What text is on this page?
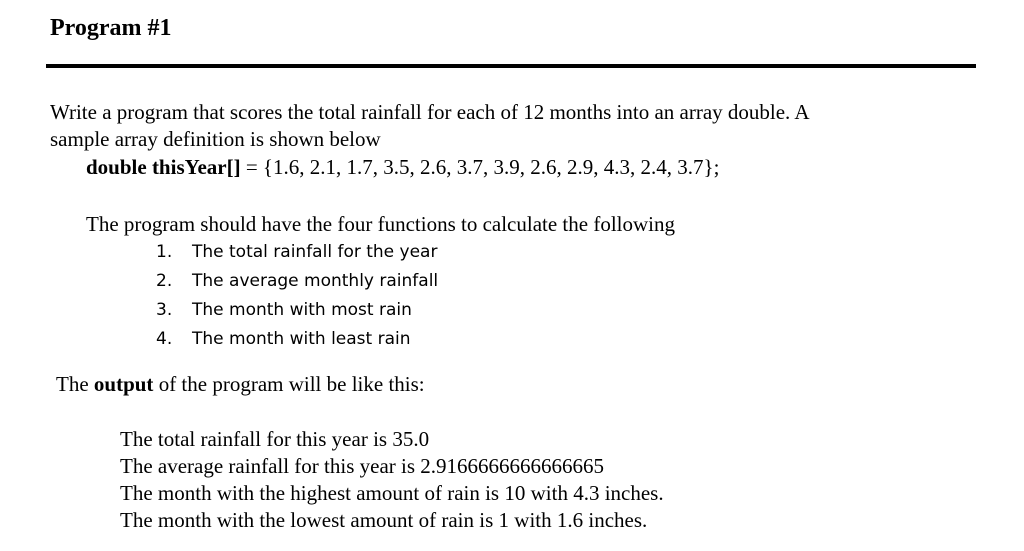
Program #1

Write a program that scores the total rainfall for each of 12 months into an array double. A

sample array definition is shown below

double thisYear[] = {1.6, 2.1, 1.7, 3.5, 2.6, 3.7, 3.9, 2.6, 2.9, 4.3, 2.4, 3.7};
The program should have the four functions to calculate the following
1. The total rainfall for the year
2. The average monthly rainfall
3. The month with most rain
4. The month with least rain
The output of the program will be like this:
The total rainfall for this year is 35.0
The average rainfall for this year is 2.9166666666666665
The month with the highest amount of rain is 10 with 4.3 inches.
The month with the lowest amount of rain is 1 with 1.6 inches.
